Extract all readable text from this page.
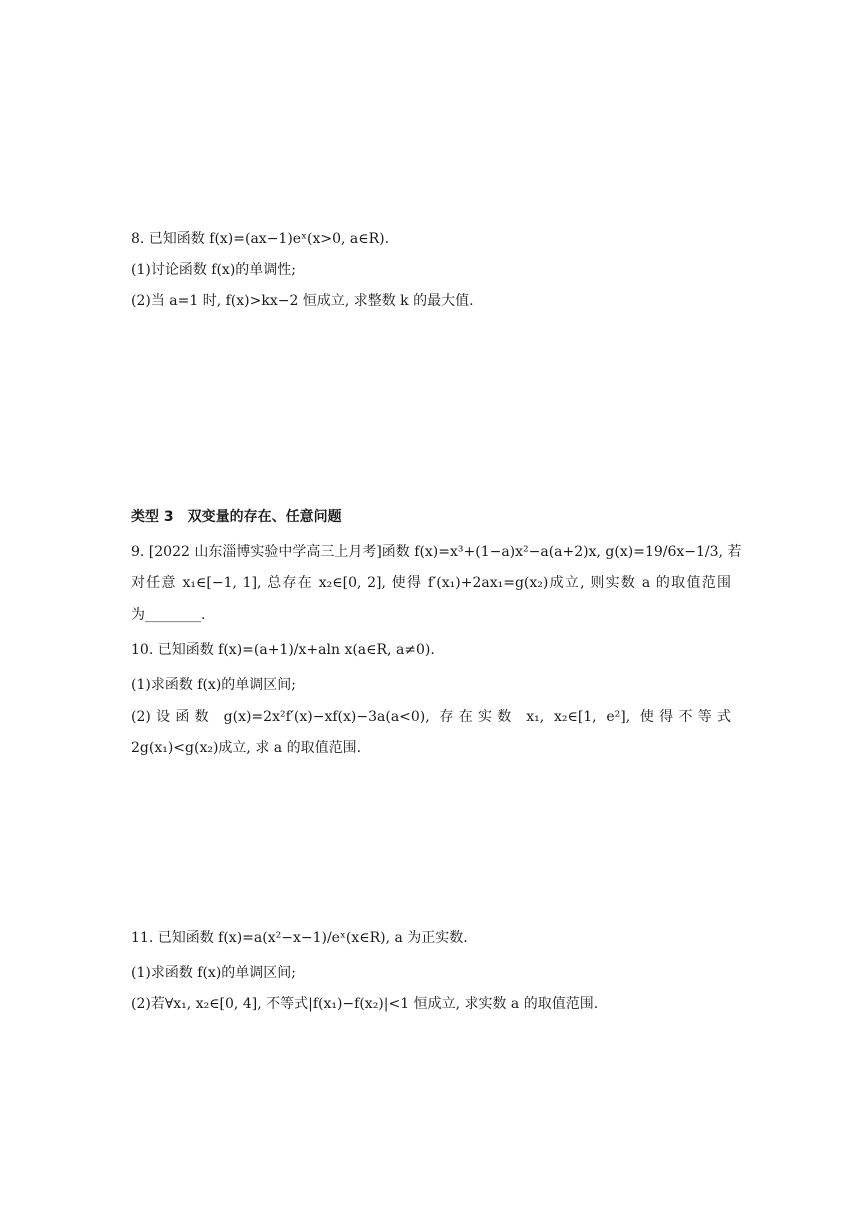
8. 已知函数 f(x)=(ax−1)eˣ(x>0, a∈R).
(1)讨论函数 f(x)的单调性;
(2)当 a=1 时, f(x)>kx−2 恒成立, 求整数 k 的最大值.
类型 3　双变量的存在、任意问题
9. [2022 山东淄博实验中学高三上月考]函数 f(x)=x³+(1−a)x²−a(a+2)x, g(x)=19/6x−1/3, 若
对任意 x₁∈[−1, 1], 总存在 x₂∈[0, 2], 使得 f′(x₁)+2ax₁=g(x₂)成立, 则实数 a 的取值范围
为________.
10. 已知函数 f(x)=(a+1)/x+aln x(a∈R, a≠0).
(1)求函数 f(x)的单调区间;
(2)设函数 g(x)=2x²f′(x)−xf(x)−3a(a<0), 存在实数 x₁, x₂∈[1, e²], 使得不等式
2g(x₁)<g(x₂)成立, 求 a 的取值范围.
11. 已知函数 f(x)=a(x²−x−1)/eˣ(x∈R), a 为正实数.
(1)求函数 f(x)的单调区间;
(2)若∀x₁, x₂∈[0, 4], 不等式|f(x₁)−f(x₂)|<1 恒成立, 求实数 a 的取值范围.
